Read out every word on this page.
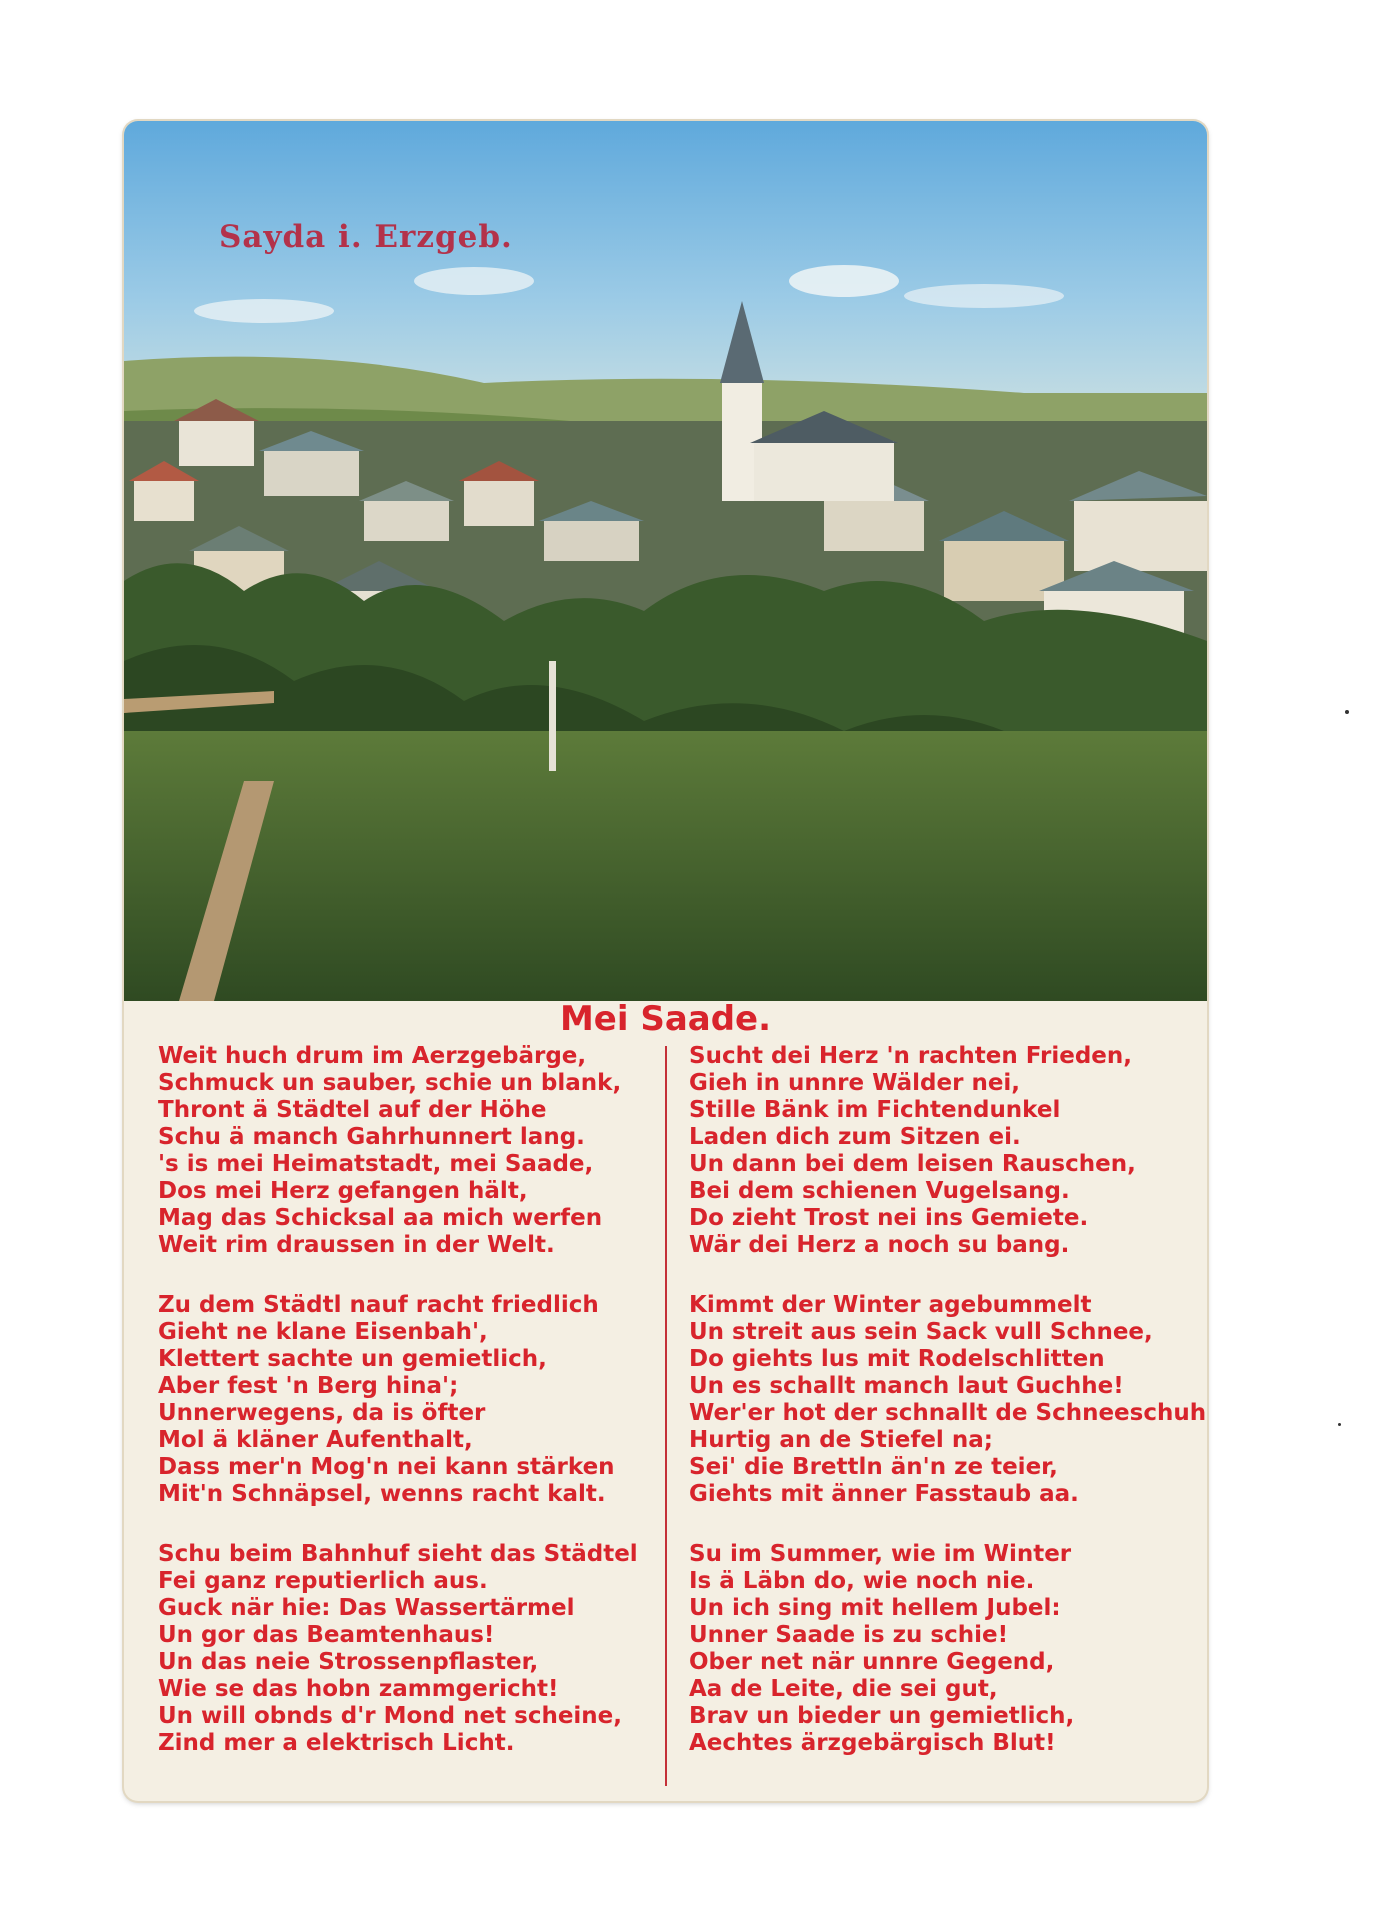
Sayda i. Erzgeb.
Mei Saade.
Weit huch drum im Aerzgebärge,
Schmuck un sauber, schie un blank,
Thront ä Städtel auf der Höhe
Schu ä manch Gahrhunnert lang.
's is mei Heimatstadt, mei Saade,
Dos mei Herz gefangen hält,
Mag das Schicksal aa mich werfen
Weit rim draussen in der Welt.
Zu dem Städtl nauf racht friedlich
Gieht ne klane Eisenbah',
Klettert sachte un gemietlich,
Aber fest 'n Berg hina';
Unnerwegens, da is öfter
Mol ä kläner Aufenthalt,
Dass mer'n Mog'n nei kann stärken
Mit'n Schnäpsel, wenns racht kalt.
Schu beim Bahnhuf sieht das Städtel
Fei ganz reputierlich aus.
Guck när hie: Das Wassertärmel
Un gor das Beamtenhaus!
Un das neie Strossenpflaster,
Wie se das hobn zammgericht!
Un will obnds d'r Mond net scheine,
Zind mer a elektrisch Licht.
Sucht dei Herz 'n rachten Frieden,
Gieh in unnre Wälder nei,
Stille Bänk im Fichtendunkel
Laden dich zum Sitzen ei.
Un dann bei dem leisen Rauschen,
Bei dem schienen Vugelsang.
Do zieht Trost nei ins Gemiete.
Wär dei Herz a noch su bang.
Kimmt der Winter agebummelt
Un streit aus sein Sack vull Schnee,
Do giehts lus mit Rodelschlitten
Un es schallt manch laut Guchhe!
Wer'er hot der schnallt de Schneeschuh
Hurtig an de Stiefel na;
Sei' die Brettln än'n ze teier,
Giehts mit änner Fasstaub aa.
Su im Summer, wie im Winter
Is ä Läbn do, wie noch nie.
Un ich sing mit hellem Jubel:
Unner Saade is zu schie!
Ober net när unnre Gegend,
Aa de Leite, die sei gut,
Brav un bieder un gemietlich,
Aechtes ärzgebärgisch Blut!
